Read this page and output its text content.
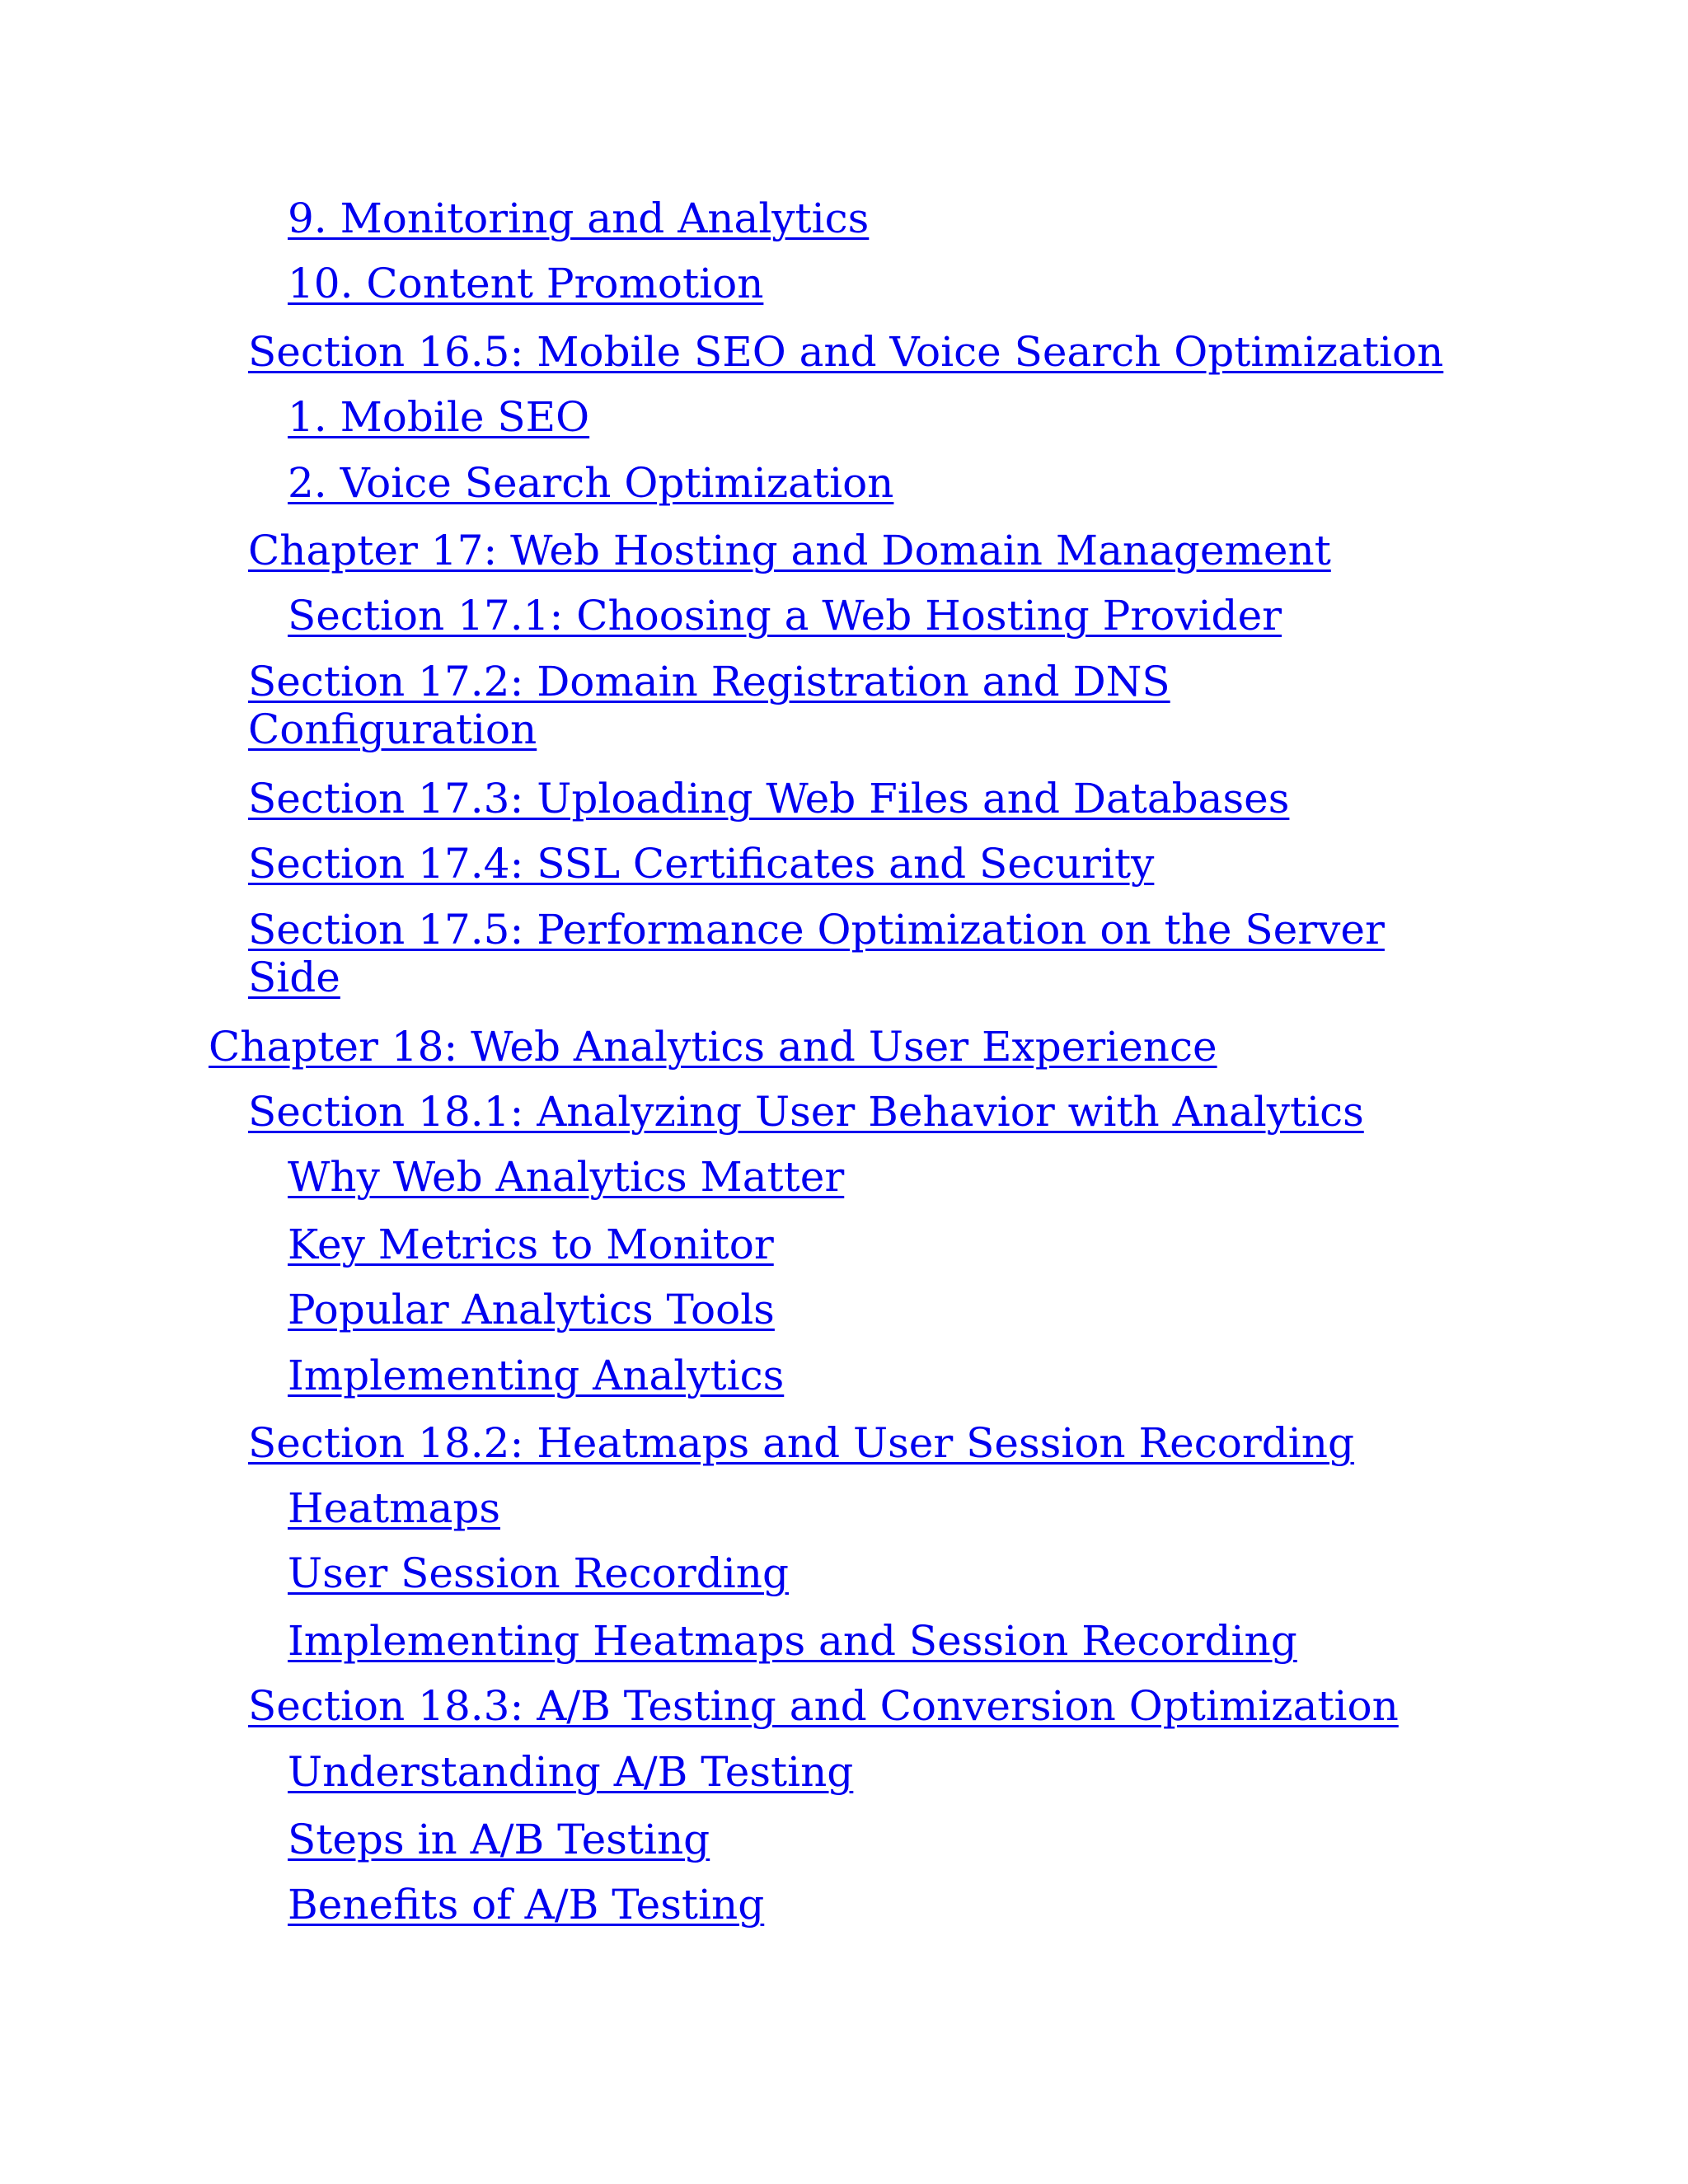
9. Monitoring and Analytics
10. Content Promotion
Section 16.5: Mobile SEO and Voice Search Optimization
1. Mobile SEO
2. Voice Search Optimization
Chapter 17: Web Hosting and Domain Management
Section 17.1: Choosing a Web Hosting Provider
Section 17.2: Domain Registration and DNS Configuration
Section 17.3: Uploading Web Files and Databases
Section 17.4: SSL Certificates and Security
Section 17.5: Performance Optimization on the Server Side
Chapter 18: Web Analytics and User Experience
Section 18.1: Analyzing User Behavior with Analytics
Why Web Analytics Matter
Key Metrics to Monitor
Popular Analytics Tools
Implementing Analytics
Section 18.2: Heatmaps and User Session Recording
Heatmaps
User Session Recording
Implementing Heatmaps and Session Recording
Section 18.3: A/B Testing and Conversion Optimization
Understanding A/B Testing
Steps in A/B Testing
Benefits of A/B Testing
